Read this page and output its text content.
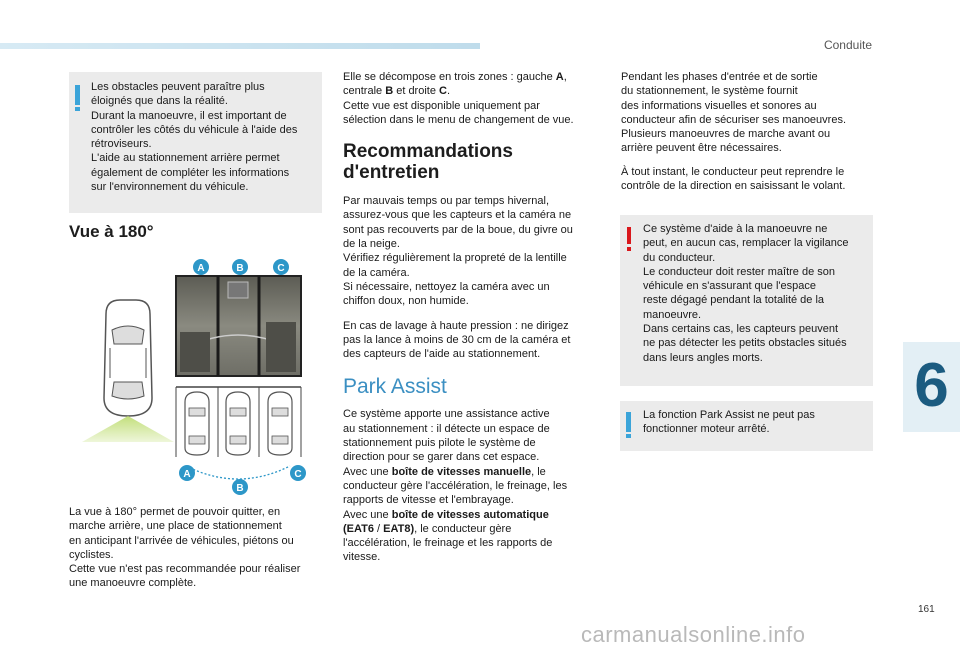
Conduite
6
161
carmanualsonline.info

Les obstacles peuvent paraître plus
éloignés que dans la réalité.
Durant la manoeuvre, il est important de
contrôler les côtés du véhicule à l'aide des
rétroviseurs.
L'aide au stationnement arrière permet
également de compléter les informations
sur l'environnement du véhicule.

Vue à 180°
A	B	C
A
B
C

La vue à 180° permet de pouvoir quitter, en
marche arrière, une place de stationnement
en anticipant l'arrivée de véhicules, piétons ou
cyclistes.
Cette vue n'est pas recommandée pour réaliser
une manoeuvre complète.

Elle se décompose en trois zones : gauche A,
centrale B et droite C.
Cette vue est disponible uniquement par
sélection dans le menu de changement de vue.

Recommandations
d'entretien

Par mauvais temps ou par temps hivernal,
assurez-vous que les capteurs et la caméra ne
sont pas recouverts par de la boue, du givre ou
de la neige.
Vérifiez régulièrement la propreté de la lentille
de la caméra.
Si nécessaire, nettoyez la caméra avec un
chiffon doux, non humide.

En cas de lavage à haute pression : ne dirigez
pas la lance à moins de 30 cm de la caméra et
des capteurs de l'aide au stationnement.

Park Assist

Ce système apporte une assistance active
au stationnement : il détecte un espace de
stationnement puis pilote le système de
direction pour se garer dans cet espace.
Avec une boîte de vitesses manuelle, le
conducteur gère l'accélération, le freinage, les
rapports de vitesse et l'embrayage.
Avec une boîte de vitesses automatique
(EAT6 / EAT8), le conducteur gère
l'accélération, le freinage et les rapports de
vitesse.

Pendant les phases d'entrée et de sortie
du stationnement, le système fournit
des informations visuelles et sonores au
conducteur afin de sécuriser ses manoeuvres.
Plusieurs manoeuvres de marche avant ou
arrière peuvent être nécessaires.

À tout instant, le conducteur peut reprendre le
contrôle de la direction en saisissant le volant.

Ce système d'aide à la manoeuvre ne
peut, en aucun cas, remplacer la vigilance
du conducteur.
Le conducteur doit rester maître de son
véhicule en s'assurant que l'espace
reste dégagé pendant la totalité de la
manoeuvre.
Dans certains cas, les capteurs peuvent
ne pas détecter les petits obstacles situés
dans leurs angles morts.

La fonction Park Assist ne peut pas
fonctionner moteur arrêté.
